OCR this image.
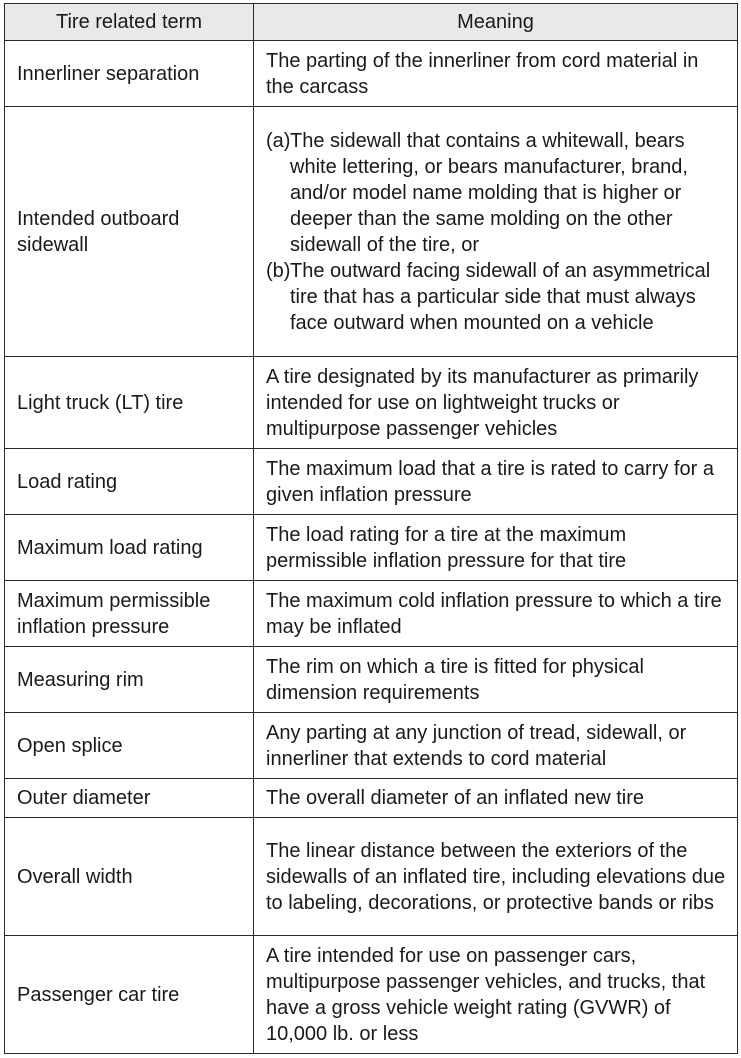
Tire related term	Meaning
Innerliner separation	The parting of the innerliner from cord material in the carcass
Intended outboard sidewall	(a) The sidewall that contains a whitewall, bears white lettering, or bears manufacturer, brand, and/or model name molding that is higher or deeper than the same molding on the other sidewall of the tire, or
(b) The outward facing sidewall of an asymmetrical tire that has a particular side that must always face outward when mounted on a vehicle

Light truck (LT) tire	A tire designated by its manufacturer as primarily intended for use on lightweight trucks or multipurpose passenger vehicles
Load rating	The maximum load that a tire is rated to carry for a given inflation pressure
Maximum load rating	The load rating for a tire at the maximum permissible inflation pressure for that tire
Maximum permissible inflation pressure	The maximum cold inflation pressure to which a tire may be inflated
Measuring rim	The rim on which a tire is fitted for physical dimension requirements
Open splice	Any parting at any junction of tread, sidewall, or innerliner that extends to cord material
Outer diameter	The overall diameter of an inflated new tire
Overall width	The linear distance between the exteriors of the sidewalls of an inflated tire, including elevations due to labeling, decorations, or protective bands or ribs
Passenger car tire	A tire intended for use on passenger cars, multipurpose passenger vehicles, and trucks, that have a gross vehicle weight rating (GVWR) of 10,000 lb. or less
